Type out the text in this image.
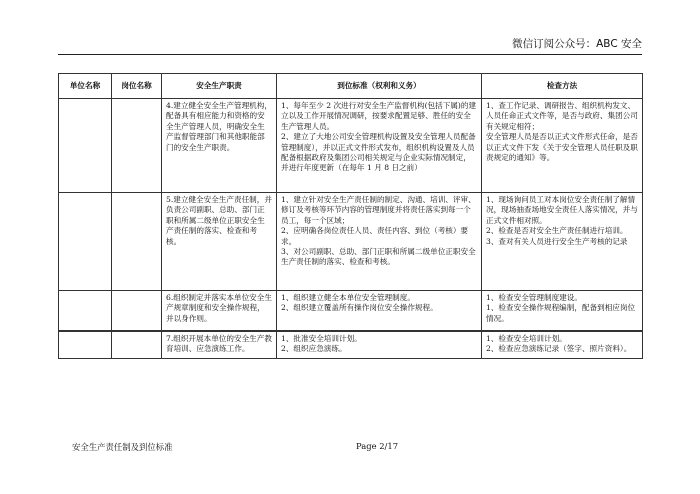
微信订阅公众号：ABC 安全
单位名称	岗位名称	安全生产职责	到位标准（权利和义务）	检查方法
		4.建立健全安全生产管理机构，配备具有相应能力和资格的安全生产管理人员，明确安全生产监督管理部门和其他职能部门的安全生产职责。	1、每年至少 2 次进行对安全生产监督机构(包括下属)的建立以及工作开展情况调研，按要求配置足够、胜任的安全生产管理人员。
2、建立了大地公司安全管理机构设置及安全管理人员配备管理制度），并以正式文件形式发布，组织机构设置及人员配备根据政府及集团公司相关规定与企业实际情况制定，并进行年度更新（在每年 1 月 8 日之前）	1、查工作记录、调研报告、组织机构发文、人员任命正式文件等，是否与政府、集团公司有关规定相符；
安全管理人员是否以正式文件形式任命，是否以正式文件下发《关于安全管理人员任职及职责规定的通知》等。
		5.建立健全安全生产责任制，并负责公司副职、总助、部门正职和所属二级单位正职安全生产责任制的落实、检查和考核。	1、建立针对安全生产责任制的制定、沟通、培训、评审、修订及考核等环节内容的管理制度并将责任落实到每一个员工，每一个区域；
2、应明确各岗位责任人员、责任内容、到位（考核）要求。
3、对公司副职、总助、部门正职和所属二级单位正职安全生产责任制的落实、检查和考核。	1、现场询问员工对本岗位安全责任制了解情况，现场抽查场地安全责任人落实情况，并与正式文件相对照。
2、检查是否对安全生产责任制进行培训。
3、查对有关人员进行安全生产考核的记录
		6.组织制定并落实本单位安全生产规章制度和安全操作规程，并以身作则。	1、组织建立健全本单位安全管理制度。
2、组织建立覆盖所有操作岗位安全操作规程。	1、检查安全管理制度建设。
1、检查安全操作规程编制，配备到相应岗位情况。
		7.组织开展本单位的安全生产教育培训、应急演练工作。	1、批准安全培训计划。
2、组织应急演练。	1、检查安全培训计划。
2、检查应急演练记录（签字、照片资料）。
安全生产责任制及到位标准	Page 2/17
